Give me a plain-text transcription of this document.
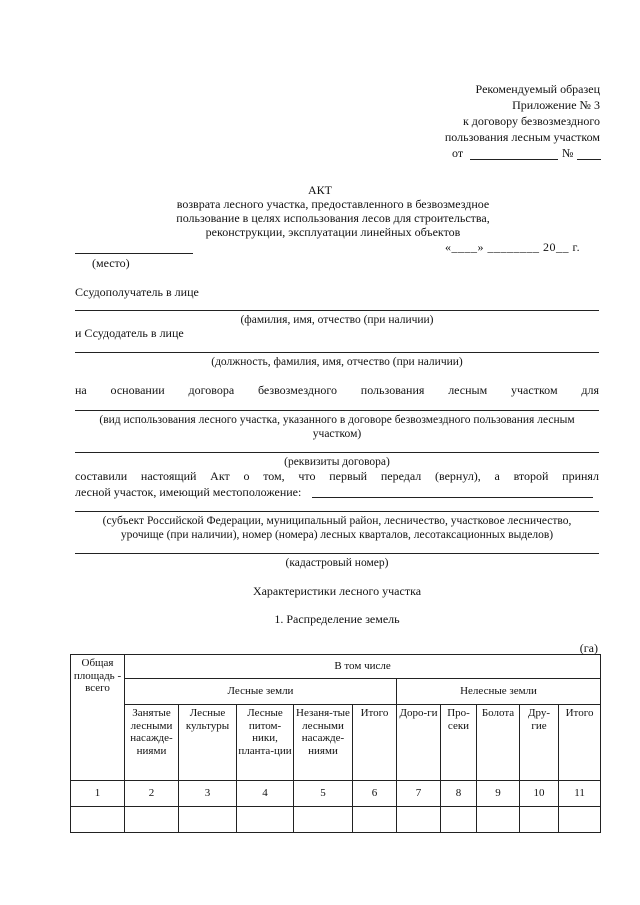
Рекомендуемый образец
Приложение № 3
к договору безвозмездного
пользования лесным участком
от	№
АКТ
возврата лесного участка, предоставленного в безвозмездное
пользование в целях использования лесов для строительства,
реконструкции, эксплуатации линейных объектов
«____» ________ 20__ г.
(место)
Ссудополучатель в лице
(фамилия, имя, отчество (при наличии)
и Ссудодатель в лице
(должность, фамилия, имя, отчество (при наличии)
на основании договора безвозмездного пользования лесным участком для
(вид использования лесного участка, указанного в договоре безвозмездного пользования лесным
участком)
(реквизиты договора)
составили настоящий Акт о том, что первый передал (вернул), а второй принял
лесной участок, имеющий местоположение:
(субъект Российской Федерации, муниципальный район, лесничество, участковое лесничество,
урочище (при наличии), номер (номера) лесных кварталов, лесотаксационных выделов)
(кадастровый номер)
Характеристики лесного участка
1. Распределение земель
(га)
Общая площадь - всего	В том числе									
	Лесные земли					Нелесные земли				
	Занятые лесными насажде-ниями	Лесные культуры	Лесные питом-ники, планта-ции	Незаня-тые лесными насажде-ниями	Итого	Доро-ги	Про-секи	Болота	Дру-гие	Итого
1	2	3	4	5	6	7	8	9	10	11
